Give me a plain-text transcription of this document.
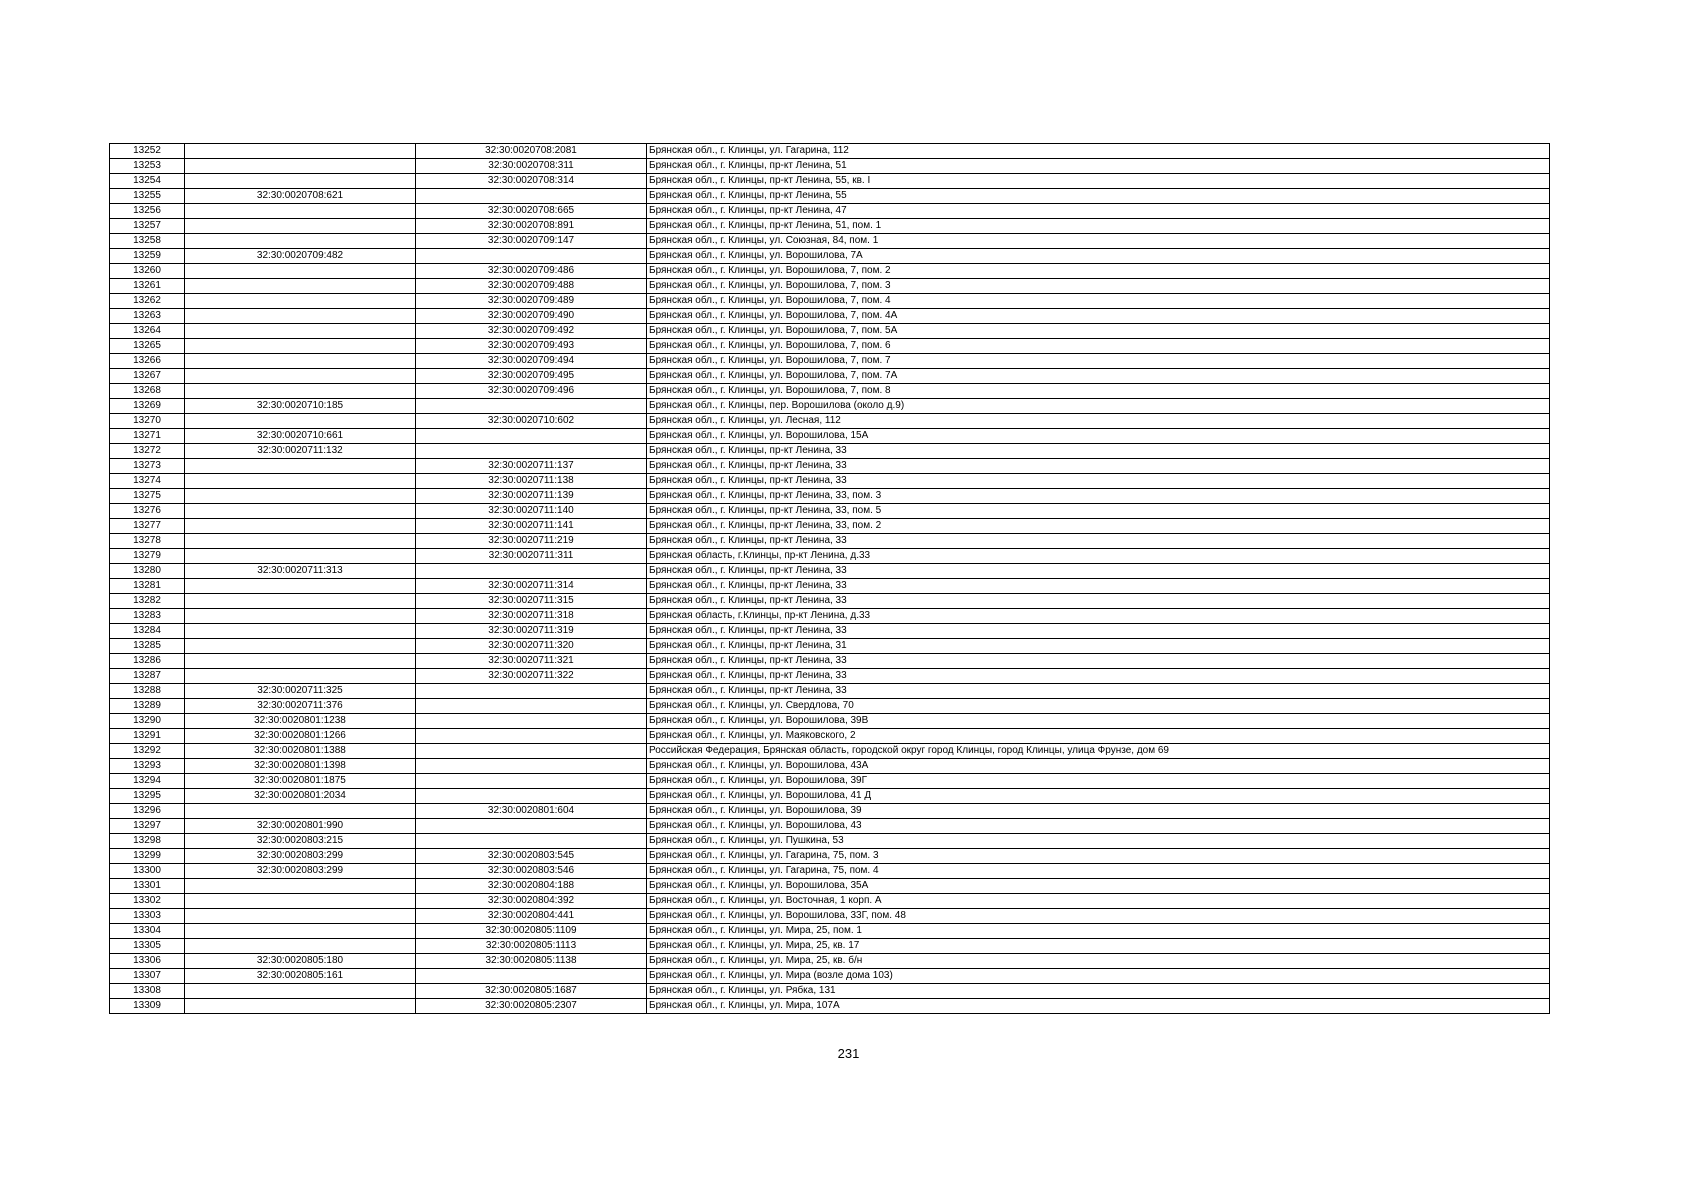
13252		32:30:0020708:2081	Брянская обл., г. Клинцы, ул. Гагарина, 112
13253		32:30:0020708:311	Брянская обл., г. Клинцы, пр-кт Ленина, 51
13254		32:30:0020708:314	Брянская обл., г. Клинцы, пр-кт Ленина, 55, кв. I
13255	32:30:0020708:621		Брянская обл., г. Клинцы, пр-кт Ленина, 55
13256		32:30:0020708:665	Брянская обл., г. Клинцы, пр-кт Ленина, 47
13257		32:30:0020708:891	Брянская обл., г. Клинцы, пр-кт Ленина, 51, пом. 1
13258		32:30:0020709:147	Брянская обл., г. Клинцы, ул. Союзная, 84, пом. 1
13259	32:30:0020709:482		Брянская обл., г. Клинцы, ул. Ворошилова, 7А
13260		32:30:0020709:486	Брянская обл., г. Клинцы, ул. Ворошилова, 7, пом. 2
13261		32:30:0020709:488	Брянская обл., г. Клинцы, ул. Ворошилова, 7, пом. 3
13262		32:30:0020709:489	Брянская обл., г. Клинцы, ул. Ворошилова, 7, пом. 4
13263		32:30:0020709:490	Брянская обл., г. Клинцы, ул. Ворошилова, 7, пом. 4А
13264		32:30:0020709:492	Брянская обл., г. Клинцы, ул. Ворошилова, 7, пом. 5А
13265		32:30:0020709:493	Брянская обл., г. Клинцы, ул. Ворошилова, 7, пом. 6
13266		32:30:0020709:494	Брянская обл., г. Клинцы, ул. Ворошилова, 7, пом. 7
13267		32:30:0020709:495	Брянская обл., г. Клинцы, ул. Ворошилова, 7, пом. 7А
13268		32:30:0020709:496	Брянская обл., г. Клинцы, ул. Ворошилова, 7, пом. 8
13269	32:30:0020710:185		Брянская обл., г. Клинцы, пер. Ворошилова (около д.9)
13270		32:30:0020710:602	Брянская обл., г. Клинцы, ул. Лесная, 112
13271	32:30:0020710:661		Брянская обл., г. Клинцы, ул. Ворошилова, 15А
13272	32:30:0020711:132		Брянская обл., г. Клинцы, пр-кт Ленина, 33
13273		32:30:0020711:137	Брянская обл., г. Клинцы, пр-кт Ленина, 33
13274		32:30:0020711:138	Брянская обл., г. Клинцы, пр-кт Ленина, 33
13275		32:30:0020711:139	Брянская обл., г. Клинцы, пр-кт Ленина, 33, пом. 3
13276		32:30:0020711:140	Брянская обл., г. Клинцы, пр-кт Ленина, 33, пом. 5
13277		32:30:0020711:141	Брянская обл., г. Клинцы, пр-кт Ленина, 33, пом. 2
13278		32:30:0020711:219	Брянская обл., г. Клинцы, пр-кт Ленина, 33
13279		32:30:0020711:311	Брянская область, г.Клинцы, пр-кт Ленина, д.33
13280	32:30:0020711:313		Брянская обл., г. Клинцы, пр-кт Ленина, 33
13281		32:30:0020711:314	Брянская обл., г. Клинцы, пр-кт Ленина, 33
13282		32:30:0020711:315	Брянская обл., г. Клинцы, пр-кт Ленина, 33
13283		32:30:0020711:318	Брянская область, г.Клинцы, пр-кт Ленина, д.33
13284		32:30:0020711:319	Брянская обл., г. Клинцы, пр-кт Ленина, 33
13285		32:30:0020711:320	Брянская обл., г. Клинцы, пр-кт Ленина, 31
13286		32:30:0020711:321	Брянская обл., г. Клинцы, пр-кт Ленина, 33
13287		32:30:0020711:322	Брянская обл., г. Клинцы, пр-кт Ленина, 33
13288	32:30:0020711:325		Брянская обл., г. Клинцы, пр-кт Ленина, 33
13289	32:30:0020711:376		Брянская обл., г. Клинцы, ул. Свердлова, 70
13290	32:30:0020801:1238		Брянская обл., г. Клинцы, ул. Ворошилова, 39В
13291	32:30:0020801:1266		Брянская обл., г. Клинцы, ул. Маяковского, 2
13292	32:30:0020801:1388		Российская Федерация, Брянская область, городской округ город Клинцы, город Клинцы, улица Фрунзе, дом 69
13293	32:30:0020801:1398		Брянская обл., г. Клинцы, ул. Ворошилова, 43А
13294	32:30:0020801:1875		Брянская обл., г. Клинцы, ул. Ворошилова, 39Г
13295	32:30:0020801:2034		Брянская обл., г. Клинцы, ул. Ворошилова, 41 Д
13296		32:30:0020801:604	Брянская обл., г. Клинцы, ул. Ворошилова, 39
13297	32:30:0020801:990		Брянская обл., г. Клинцы, ул. Ворошилова, 43
13298	32:30:0020803:215		Брянская обл., г. Клинцы, ул. Пушкина, 53
13299	32:30:0020803:299	32:30:0020803:545	Брянская обл., г. Клинцы, ул. Гагарина, 75, пом. 3
13300	32:30:0020803:299	32:30:0020803:546	Брянская обл., г. Клинцы, ул. Гагарина, 75, пом. 4
13301		32:30:0020804:188	Брянская обл., г. Клинцы, ул. Ворошилова, 35А
13302		32:30:0020804:392	Брянская обл., г. Клинцы, ул. Восточная, 1 корп. А
13303		32:30:0020804:441	Брянская обл., г. Клинцы, ул. Ворошилова, 33Г, пом. 48
13304		32:30:0020805:1109	Брянская обл., г. Клинцы, ул. Мира, 25, пом. 1
13305		32:30:0020805:1113	Брянская обл., г. Клинцы, ул. Мира, 25, кв. 17
13306	32:30:0020805:180	32:30:0020805:1138	Брянская обл., г. Клинцы, ул. Мира, 25, кв. б/н
13307	32:30:0020805:161		Брянская обл., г. Клинцы, ул. Мира (возле дома 103)
13308		32:30:0020805:1687	Брянская обл., г. Клинцы, ул. Рябка, 131
13309		32:30:0020805:2307	Брянская обл., г. Клинцы, ул. Мира, 107А
231
